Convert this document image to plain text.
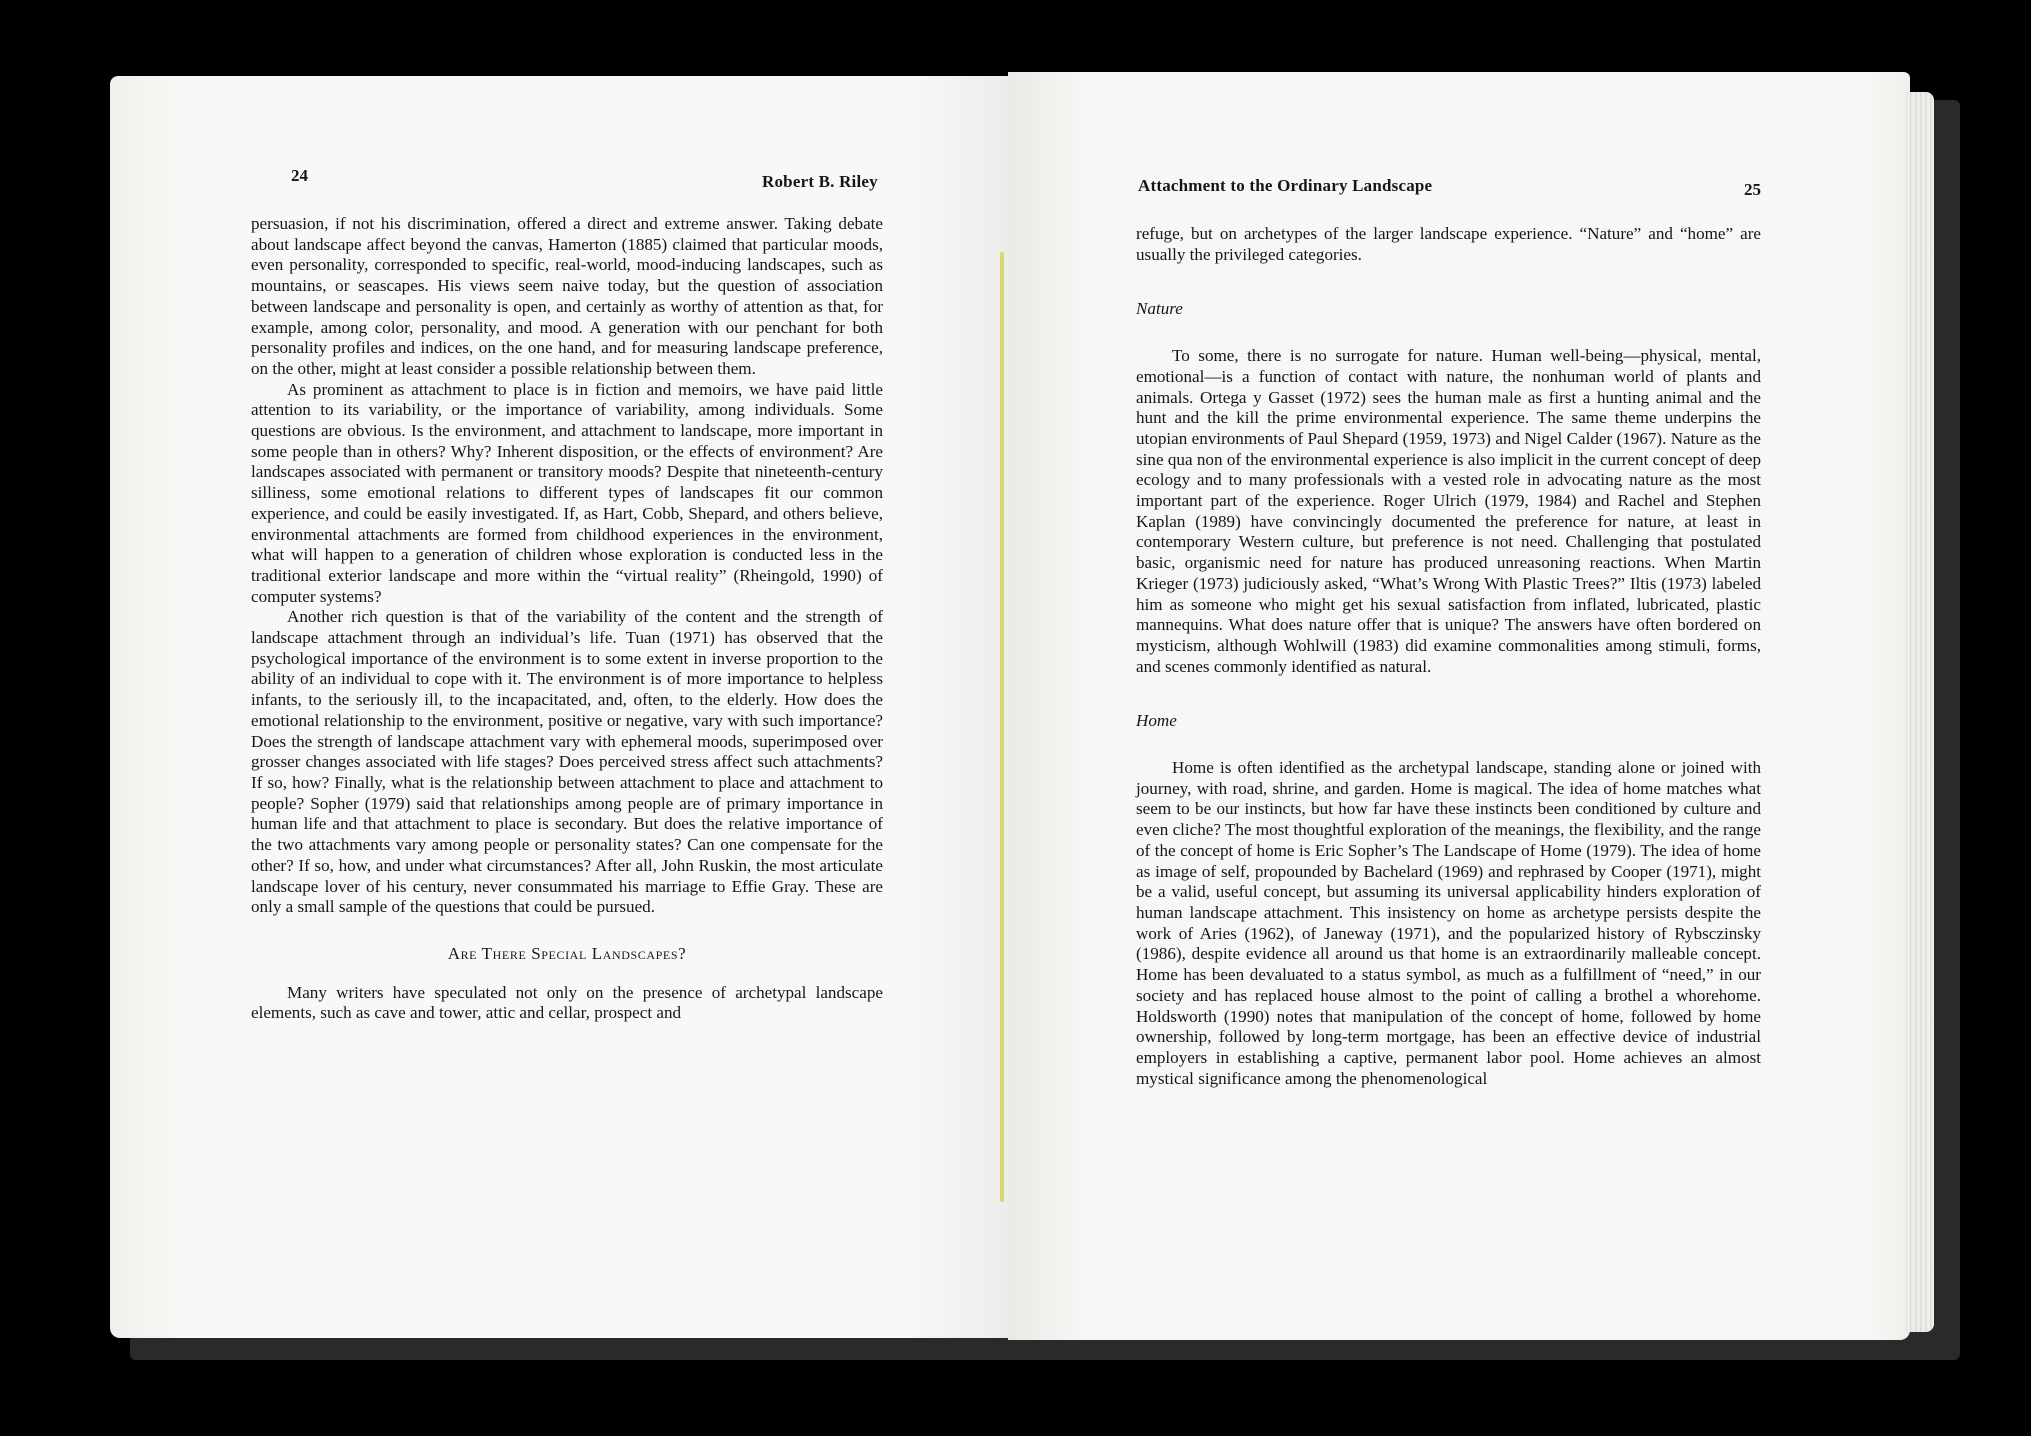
24	Robert B. Riley

persuasion, if not his discrimination, offered a direct and extreme answer. Taking debate about landscape affect beyond the canvas, Hamerton (1885) claimed that particular moods, even personality, corresponded to specific, real-world, mood-inducing landscapes, such as mountains, or seascapes. His views seem naive today, but the question of association between landscape and personality is open, and certainly as worthy of attention as that, for example, among color, personality, and mood. A generation with our penchant for both personality profiles and indices, on the one hand, and for measuring landscape preference, on the other, might at least consider a possible relationship between them.

As prominent as attachment to place is in fiction and memoirs, we have paid little attention to its variability, or the importance of variability, among individuals. Some questions are obvious. Is the environment, and attachment to landscape, more important in some people than in others? Why? Inherent disposition, or the effects of environment? Are landscapes associated with permanent or transitory moods? Despite that nineteenth-century silliness, some emotional relations to different types of landscapes fit our common experience, and could be easily investigated. If, as Hart, Cobb, Shepard, and others believe, environmental attachments are formed from childhood experiences in the environment, what will happen to a generation of children whose exploration is conducted less in the traditional exterior landscape and more within the “virtual reality” (Rheingold, 1990) of computer systems?

Another rich question is that of the variability of the content and the strength of landscape attachment through an individual’s life. Tuan (1971) has observed that the psychological importance of the environment is to some extent in inverse proportion to the ability of an individual to cope with it. The environment is of more importance to helpless infants, to the seriously ill, to the incapacitated, and, often, to the elderly. How does the emotional relationship to the environment, positive or negative, vary with such importance? Does the strength of landscape attachment vary with ephemeral moods, superimposed over grosser changes associated with life stages? Does perceived stress affect such attachments? If so, how? Finally, what is the relationship between attachment to place and attachment to people? Sopher (1979) said that relationships among people are of primary importance in human life and that attachment to place is secondary. But does the relative importance of the two attachments vary among people or personality states? Can one compensate for the other? If so, how, and under what circumstances? After all, John Ruskin, the most articulate landscape lover of his century, never consummated his marriage to Effie Gray. These are only a small sample of the questions that could be pursued.

Are There Special Landscapes?

Many writers have speculated not only on the presence of archetypal landscape elements, such as cave and tower, attic and cellar, prospect and

Attachment to the Ordinary Landscape	25

refuge, but on archetypes of the larger landscape experience. “Nature” and “home” are usually the privileged categories.

Nature

To some, there is no surrogate for nature. Human well-being—physical, mental, emotional—is a function of contact with nature, the nonhuman world of plants and animals. Ortega y Gasset (1972) sees the human male as first a hunting animal and the hunt and the kill the prime environmental experience. The same theme underpins the utopian environments of Paul Shepard (1959, 1973) and Nigel Calder (1967). Nature as the sine qua non of the environmental experience is also implicit in the current concept of deep ecology and to many professionals with a vested role in advocating nature as the most important part of the experience. Roger Ulrich (1979, 1984) and Rachel and Stephen Kaplan (1989) have convincingly documented the preference for nature, at least in contemporary Western culture, but preference is not need. Challenging that postulated basic, organismic need for nature has produced unreasoning reactions. When Martin Krieger (1973) judiciously asked, “What’s Wrong With Plastic Trees?” Iltis (1973) labeled him as someone who might get his sexual satisfaction from inflated, lubricated, plastic mannequins. What does nature offer that is unique? The answers have often bordered on mysticism, although Wohlwill (1983) did examine commonalities among stimuli, forms, and scenes commonly identified as natural.

Home

Home is often identified as the archetypal landscape, standing alone or joined with journey, with road, shrine, and garden. Home is magical. The idea of home matches what seem to be our instincts, but how far have these instincts been conditioned by culture and even cliche? The most thoughtful exploration of the meanings, the flexibility, and the range of the concept of home is Eric Sopher’s The Landscape of Home (1979). The idea of home as image of self, propounded by Bachelard (1969) and rephrased by Cooper (1971), might be a valid, useful concept, but assuming its universal applicability hinders exploration of human landscape attachment. This insistency on home as archetype persists despite the work of Aries (1962), of Janeway (1971), and the popularized history of Rybsczinsky (1986), despite evidence all around us that home is an extraordinarily malleable concept. Home has been devaluated to a status symbol, as much as a fulfillment of “need,” in our society and has replaced house almost to the point of calling a brothel a whorehome. Holdsworth (1990) notes that manipulation of the concept of home, followed by home ownership, followed by long-term mortgage, has been an effective device of industrial employers in establishing a captive, permanent labor pool. Home achieves an almost mystical significance among the phenomenological
